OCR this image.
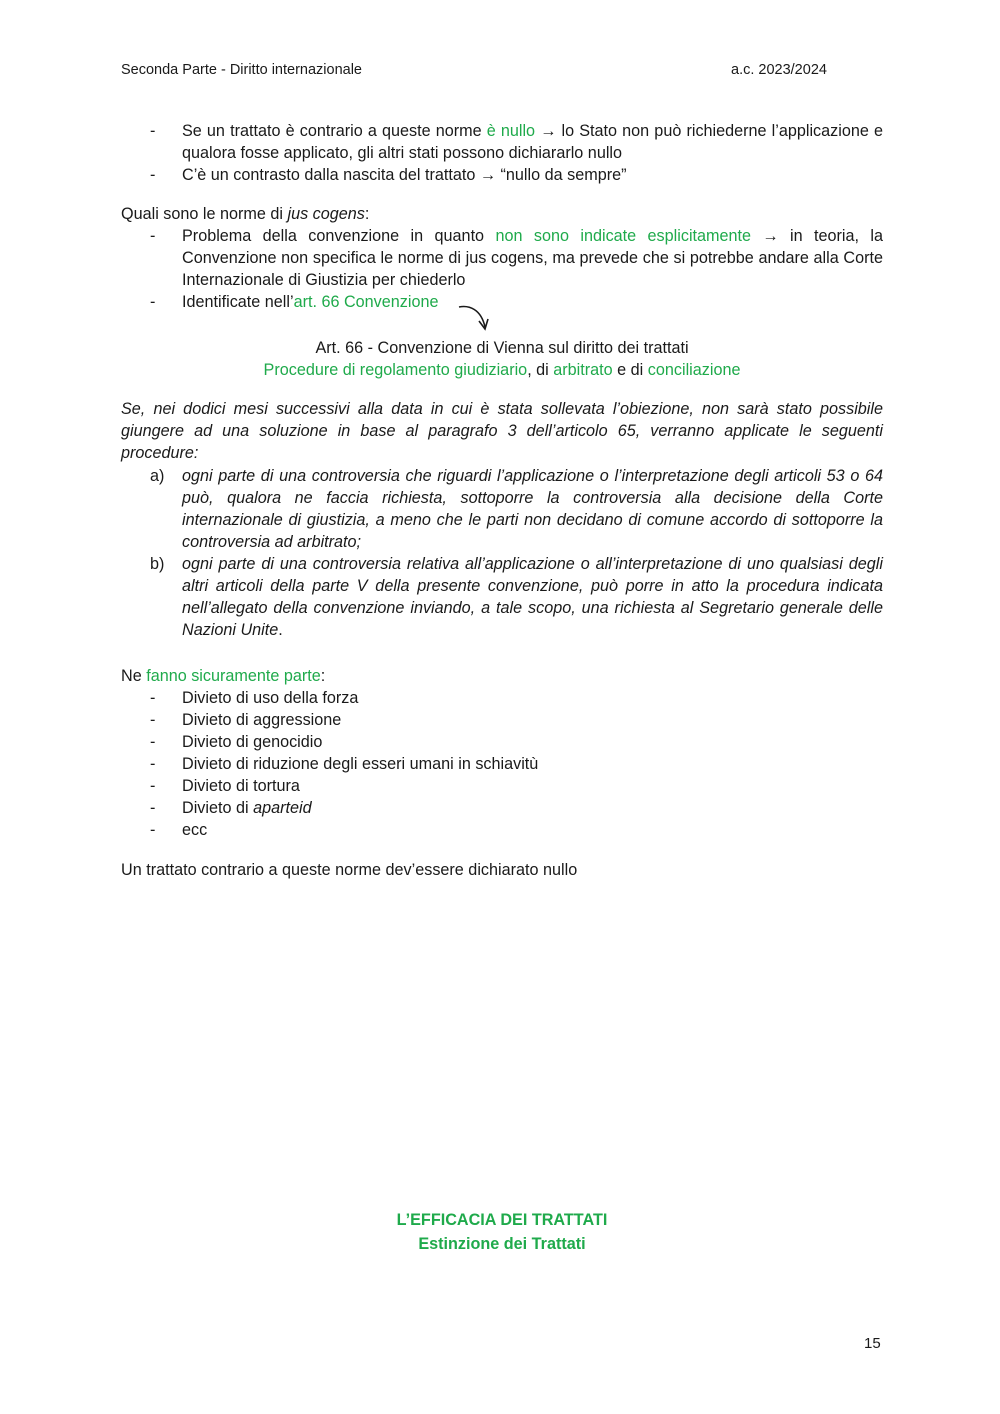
Seconda Parte - Diritto internazionale	a.c. 2023/2024
- Se un trattato è contrario a queste norme è nullo → lo Stato non può richiederne l’applicazione e qualora fosse applicato, gli altri stati possono dichiararlo nullo
- C’è un contrasto dalla nascita del trattato → “nullo da sempre”
Quali sono le norme di jus cogens:
- Problema della convenzione in quanto non sono indicate esplicitamente → in teoria, la Convenzione non specifica le norme di jus cogens, ma prevede che si potrebbe andare alla Corte Internazionale di Giustizia per chiederlo
- Identificate nell’art. 66 Convenzione
Art. 66 - Convenzione di Vienna sul diritto dei trattati
Procedure di regolamento giudiziario, di arbitrato e di conciliazione
Se, nei dodici mesi successivi alla data in cui è stata sollevata l’obiezione, non sarà stato possibile giungere ad una soluzione in base al paragrafo 3 dell’articolo 65, verranno applicate le seguenti procedure:
a) ogni parte di una controversia che riguardi l’applicazione o l’interpretazione degli articoli 53 o 64 può, qualora ne faccia richiesta, sottoporre la controversia alla decisione della Corte internazionale di giustizia, a meno che le parti non decidano di comune accordo di sottoporre la controversia ad arbitrato;
b) ogni parte di una controversia relativa all’applicazione o all’interpretazione di uno qualsiasi degli altri articoli della parte V della presente convenzione, può porre in atto la procedura indicata nell’allegato della convenzione inviando, a tale scopo, una richiesta al Segretario generale delle Nazioni Unite.
Ne fanno sicuramente parte:
- Divieto di uso della forza
- Divieto di aggressione
- Divieto di genocidio
- Divieto di riduzione degli esseri umani in schiavitù
- Divieto di tortura
- Divieto di aparteid
- ecc
Un trattato contrario a queste norme dev’essere dichiarato nullo
L’EFFICACIA DEI TRATTATI
Estinzione dei Trattati
15
